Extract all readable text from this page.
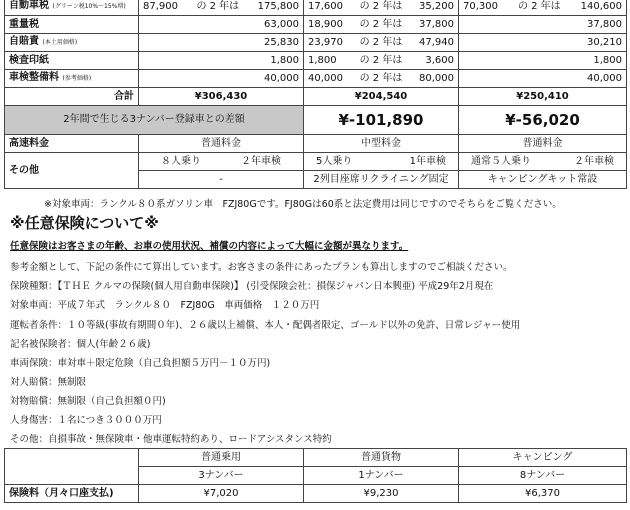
自動車税 (グリーン税10%～15%増)	87,900 の 2 年は 175,800	17,600 の 2 年は 35,200	70,300 の 2 年は 140,600

重量税	63,000	18,900 の 2 年は 37,800	37,800

自賠責 (本土用価格)	25,830	23,970 の 2 年は 47,940	30,210

検査印紙	1,800	1,800 の 2 年は 3,600	1,800

車検整備料 (参考価格)	40,000	40,000 の 2 年は 80,000	40,000

合計	¥306,430	¥204,540	¥250,410
2年間で生じる3ナンバー登録車との差額		¥-101,890	¥-56,020
高速料金	普通料金	中型料金	普通料金
その他	８人乗り ２年車検	5人乗り 1年車検	通常５人乗り ２年車検

	-	2列目座席リクライニング固定	キャンピングキット常設
※対象車両：ランクル８０系ガソリン車　FZJ80Gです。FJ80Gは60系と法定費用は同じですのでそちらをご覧ください。
※任意保険について※
任意保険はお客さまの年齢、お車の使用状況、補償の内容によって大幅に金額が異なります。
参考金額として、下記の条件にて算出しています。お客さまの条件にあったプランも算出しますのでご相談ください。
保険種類：【ＴＨＥ クルマの保険(個人用自動車保険)】 (引受保険会社：損保ジャパン日本興亜) 平成29年2月現在
対象車両：平成７年式　ランクル８０　FZJ80G　車両価格　１２０万円
運転者条件：１０等級(事故有期間０年)、２６歳以上補償、本人・配偶者限定、ゴールド以外の免許、日常レジャー使用
記名被保険者：個人(年齢２６歳)
車両保険：車対車＋限定危険（自己負担額５万円－１０万円)
対人賠償：無制限
対物賠償：無制限（自己負担額０円)
人身傷害：１名につき３０００万円
その他：自損事故・無保険車・他車運転特約あり、ロードアシスタンス特約
	普通乗用	普通貨物	キャンピング
	3ナンバー	1ナンバー	8ナンバー
保険料（月々口座支払)	¥7,020	¥9,230	¥6,370
